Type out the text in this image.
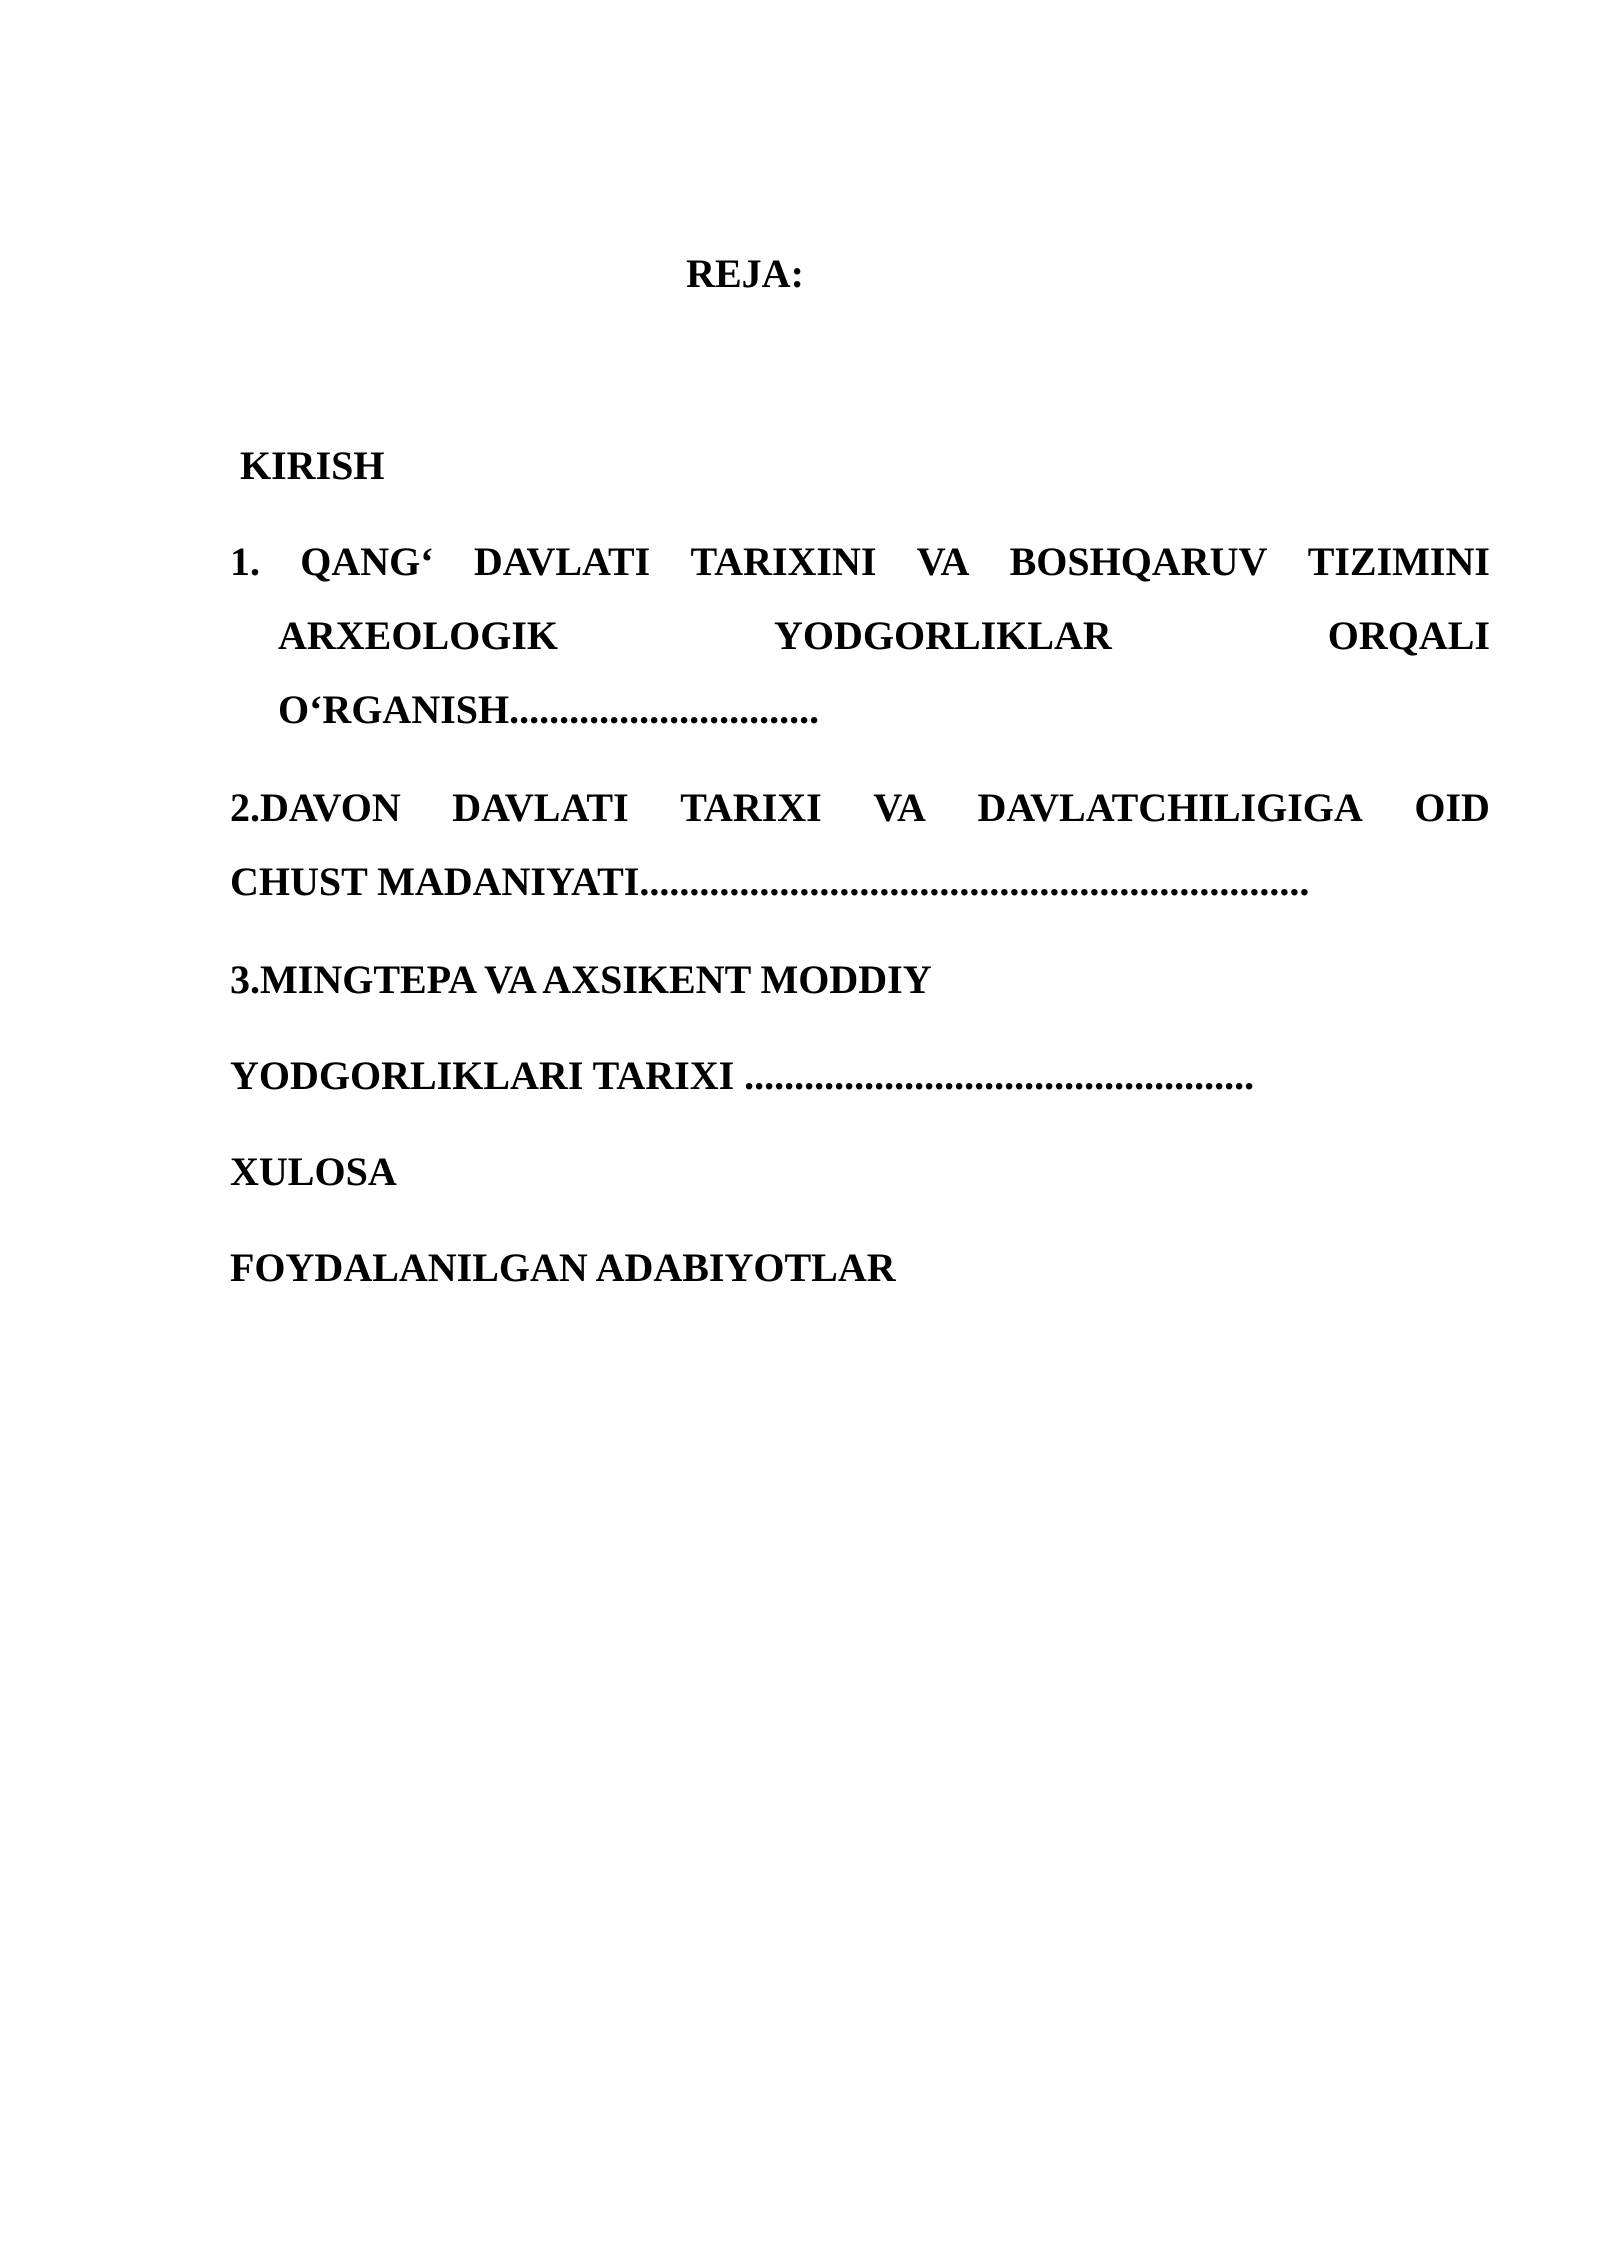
REJA:
KIRISH
1. QANG‘ DAVLATI TARIXINI VA BOSHQARUV TIZIMINI
ARXEOLOGIK	YODGORLIKLAR	ORQALI
O‘RGANISH...............................
2.DAVON DAVLATI TARIXI VA DAVLATCHILIGIGA OID
CHUST MADANIYATI...................................................................
3.MINGTEPA VA AXSIKENT MODDIY
YODGORLIKLARI TARIXI ...................................................
XULOSA
FOYDALANILGAN ADABIYOTLAR
